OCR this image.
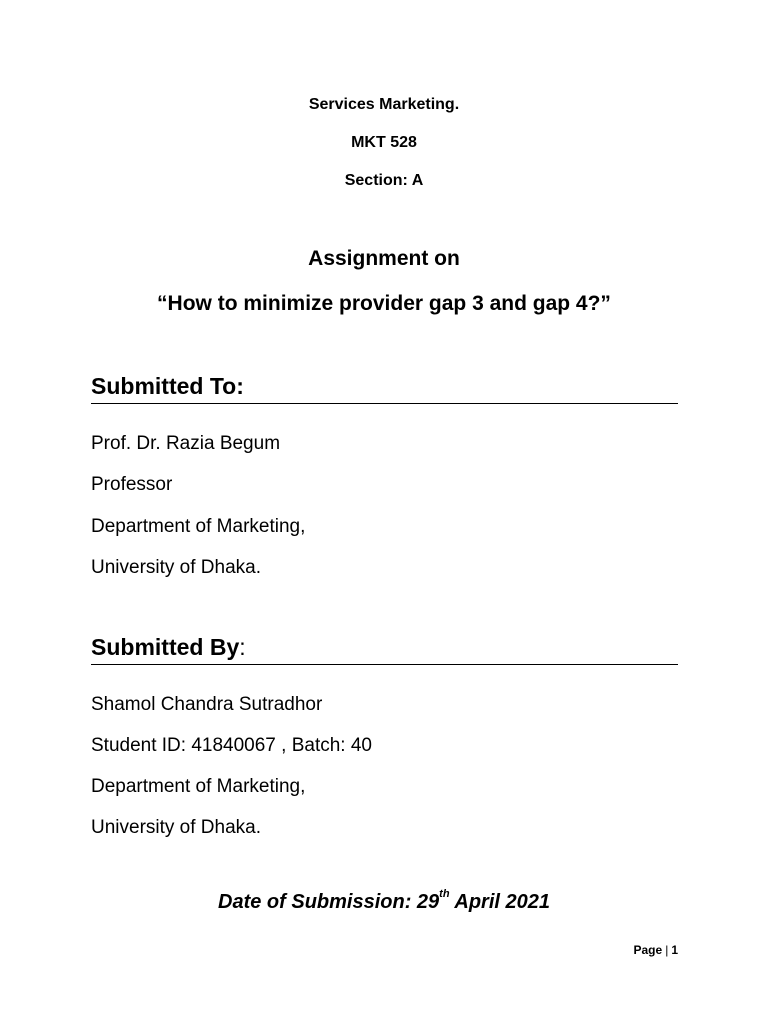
Services Marketing.
MKT 528
Section: A
Assignment on
“How to minimize provider gap 3 and gap 4?”
Submitted To:
Prof. Dr. Razia Begum
Professor
Department of Marketing,
University of Dhaka.
Submitted By:
Shamol Chandra Sutradhor
Student ID: 41840067 , Batch: 40
Department of Marketing,
University of Dhaka.
Date of Submission: 29th April 2021
Page | 1
